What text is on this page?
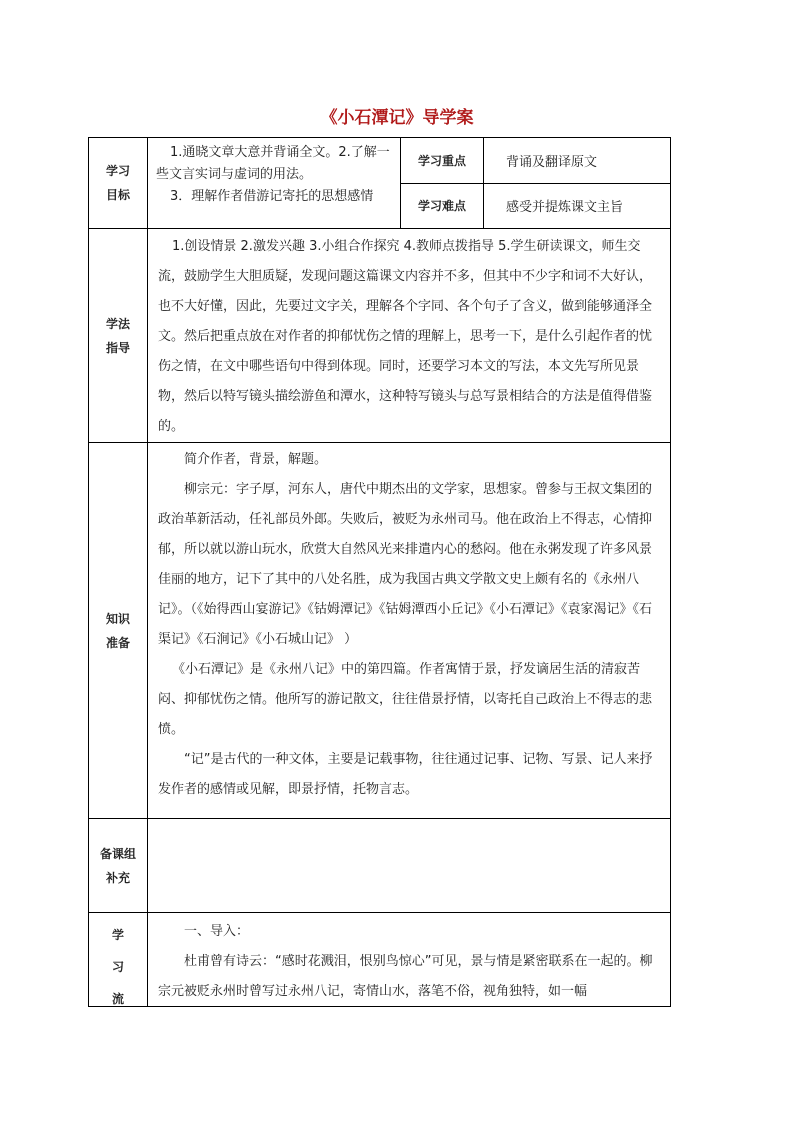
《小石潭记》导学案
学习
目标

1.通晓文章大意并背诵全文。2.了解一些文言实词与虚词的用法。

3．理解作者借游记寄托的思想感情

学习重点	背诵及翻译原文
学习难点	感受并提炼课文主旨
学法
指导

1.创设情景 2.激发兴趣 3.小组合作探究 4.教师点拨指导 5.学生研读课文，师生交流，鼓励学生大胆质疑，发现问题这篇课文内容并不多，但其中不少字和词不大好认，也不大好懂，因此，先要过文字关，理解各个字同、各个句子了含义，做到能够通泽全文。然后把重点放在对作者的抑郁忧伤之情的理解上，思考一下，是什么引起作者的忧伤之情，在文中哪些语句中得到体现。同时，还要学习本文的写法，本文先写所见景物，然后以特写镜头描绘游鱼和潭水，这种特写镜头与总写景相结合的方法是值得借鉴的。

知识
准备

简介作者，背景，解题。

柳宗元：字子厚，河东人，唐代中期杰出的文学家，思想家。曾参与王叔文集团的政治革新活动，任礼部员外郎。失败后，被贬为永州司马。他在政治上不得志，心情抑郁，所以就以游山玩水，欣赏大自然风光来排遣内心的愁闷。他在永粥发现了许多风景佳丽的地方，记下了其中的八处名胜，成为我国古典文学散文史上颇有名的《永州八记》。（《始得西山宴游记》《钴姆潭记》《钴姆潭西小丘记》《小石潭记》《袁家渴记》《石渠记》《石涧记》《小石城山记》 ）

《小石潭记》是《永州八记》中的第四篇。作者寓情于景，抒发谪居生活的清寂苦闷、抑郁忧伤之情。他所写的游记散文，往往借景抒情，以寄托自己政治上不得志的悲愤。

“记”是古代的一种文体，主要是记载事物，往往通过记事、记物、写景、记人来抒发作者的感情或见解，即景抒情，托物言志。

备课组
补充
学
习
流

一、导入：

杜甫曾有诗云：“感时花溅泪，恨别鸟惊心”可见，景与情是紧密联系在一起的。柳宗元被贬永州时曾写过永州八记，寄情山水，落笔不俗，视角独特，如一幅
